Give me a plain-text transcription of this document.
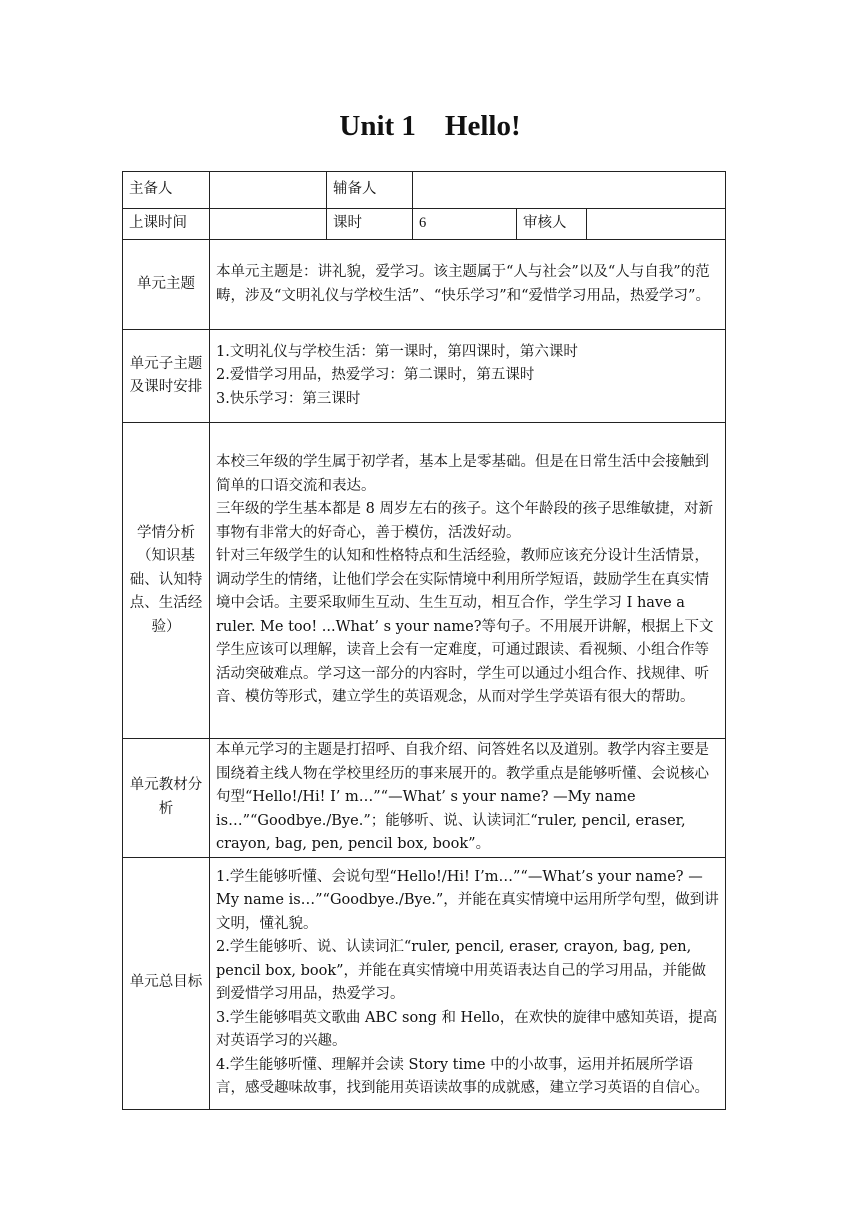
Unit 1    Hello!
主备人		辅备人			
上课时间		课时	6	审核人	
单元主题	本单元主题是：讲礼貌，爱学习。该主题属于“人与社会”以及“人与自我”的范畴，涉及“文明礼仪与学校生活”、“快乐学习”和“爱惜学习用品，热爱学习”。				

单元子主题及课时安排	1.文明礼仪与学校生活：第一课时，第四课时，第六课时

2.爱惜学习用品，热爱学习：第二课时，第五课时

3.快乐学习：第三课时				

学情分析（知识基础、认知特点、生活经验）	本校三年级的学生属于初学者，基本上是零基础。但是在日常生活中会接触到简单的口语交流和表达。

三年级的学生基本都是 8 周岁左右的孩子。这个年龄段的孩子思维敏捷，对新事物有非常大的好奇心，善于模仿，活泼好动。

针对三年级学生的认知和性格特点和生活经验，教师应该充分设计生活情景，调动学生的情绪，让他们学会在实际情境中利用所学短语，鼓励学生在真实情境中会话。主要采取师生互动、生生互动，相互合作，学生学习 I have a ruler. Me too! ...What’ s your name?等句子。不用展开讲解，根据上下文学生应该可以理解，读音上会有一定难度，可通过跟读、看视频、小组合作等活动突破难点。学习这一部分的内容时，学生可以通过小组合作、找规律、听音、模仿等形式，建立学生的英语观念，从而对学生学英语有很大的帮助。				

单元教材分析	本单元学习的主题是打招呼、自我介绍、问答姓名以及道别。教学内容主要是围绕着主线人物在学校里经历的事来展开的。教学重点是能够听懂、会说核心句型“Hello!/Hi! I’ m…”“—What’ s your name? —My name is…”“Goodbye./Bye.”；能够听、说、认读词汇“ruler, pencil, eraser, crayon, bag, pen, pencil box, book”。				

单元总目标	1.学生能够听懂、会说句型“Hello!/Hi! I’m…”“—What’s your name? —My name is…”“Goodbye./Bye.”，并能在真实情境中运用所学句型，做到讲文明，懂礼貌。

2.学生能够听、说、认读词汇“ruler, pencil, eraser, crayon, bag, pen, pencil box, book”，并能在真实情境中用英语表达自己的学习用品，并能做到爱惜学习用品，热爱学习。

3.学生能够唱英文歌曲 ABC song 和 Hello，在欢快的旋律中感知英语，提高对英语学习的兴趣。

4.学生能够听懂、理解并会读 Story time 中的小故事，运用并拓展所学语言，感受趣味故事，找到能用英语读故事的成就感，建立学习英语的自信心。				
